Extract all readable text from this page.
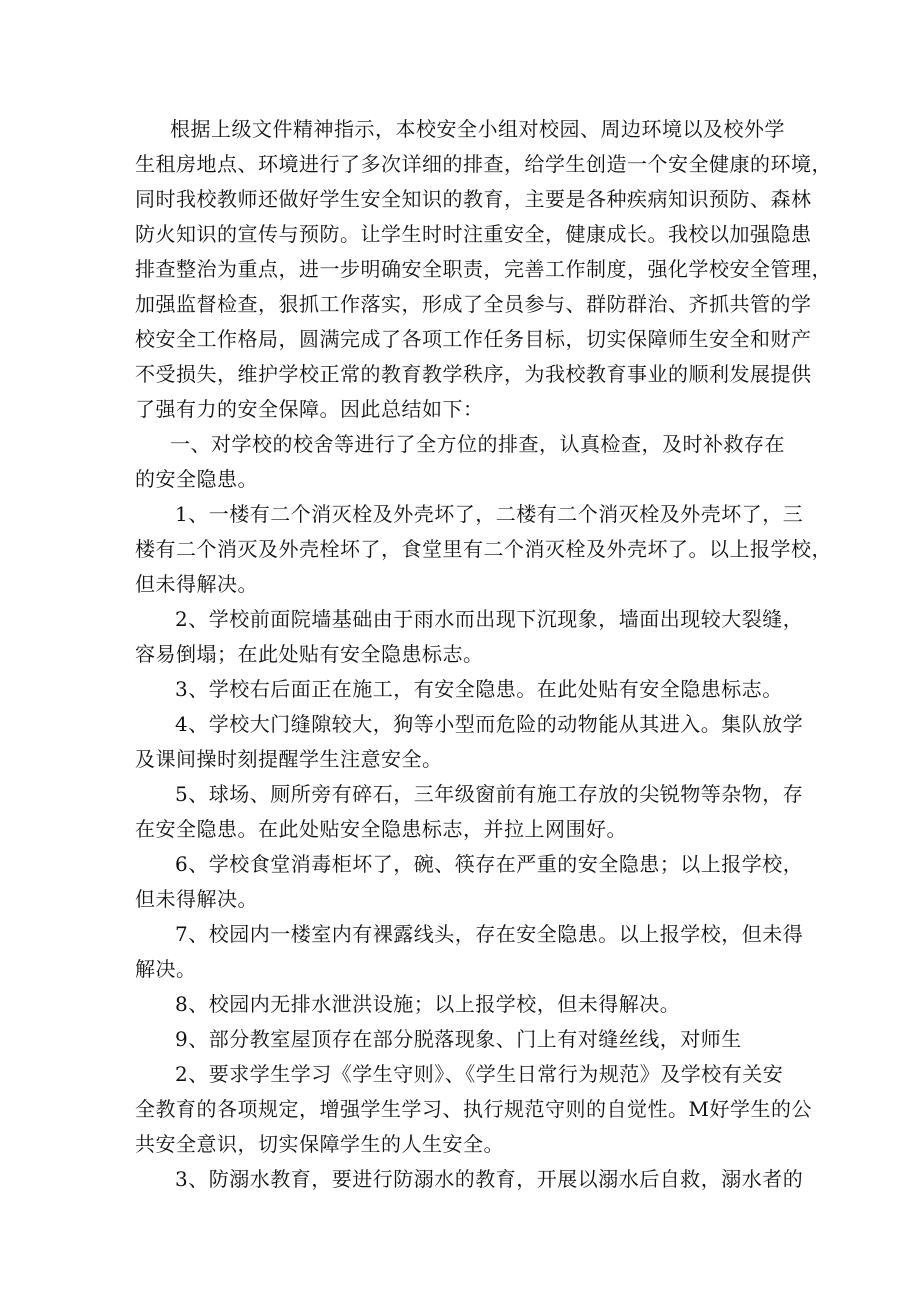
根据上级文件精神指示，本校安全小组对校园、周边环境以及校外学
生租房地点、环境进行了多次详细的排查，给学生创造一个安全健康的环境，
同时我校教师还做好学生安全知识的教育，主要是各种疾病知识预防、森林
防火知识的宣传与预防。让学生时时注重安全，健康成长。我校以加强隐患
排查整治为重点，进一步明确安全职责，完善工作制度，强化学校安全管理，
加强监督检查，狠抓工作落实，形成了全员参与、群防群治、齐抓共管的学
校安全工作格局，圆满完成了各项工作任务目标，切实保障师生安全和财产
不受损失，维护学校正常的教育教学秩序，为我校教育事业的顺利发展提供
了强有力的安全保障。因此总结如下：
一、对学校的校舍等进行了全方位的排查，认真检查，及时补救存在
的安全隐患。
1、一楼有二个消灭栓及外壳坏了，二楼有二个消灭栓及外壳坏了，三
楼有二个消灭及外壳栓坏了，食堂里有二个消灭栓及外壳坏了。以上报学校，
但未得解决。
2、学校前面院墙基础由于雨水而出现下沉现象，墙面出现较大裂缝，
容易倒塌；在此处贴有安全隐患标志。
3、学校右后面正在施工，有安全隐患。在此处贴有安全隐患标志。
4、学校大门缝隙较大，狗等小型而危险的动物能从其进入。集队放学
及课间操时刻提醒学生注意安全。
5、球场、厕所旁有碎石，三年级窗前有施工存放的尖锐物等杂物，存
在安全隐患。在此处贴安全隐患标志，并拉上网围好。
6、学校食堂消毒柜坏了，碗、筷存在严重的安全隐患；以上报学校，
但未得解决。
7、校园内一楼室内有裸露线头，存在安全隐患。以上报学校，但未得
解决。
8、校园内无排水泄洪设施；以上报学校，但未得解决。
9、部分教室屋顶存在部分脱落现象、门上有对缝丝线，对师生
2、要求学生学习《学生守则》、《学生日常行为规范》及学校有关安
全教育的各项规定，增强学生学习、执行规范守则的自觉性。M好学生的公
共安全意识，切实保障学生的人生安全。
3、防溺水教育，要进行防溺水的教育，开展以溺水后自救，溺水者的
